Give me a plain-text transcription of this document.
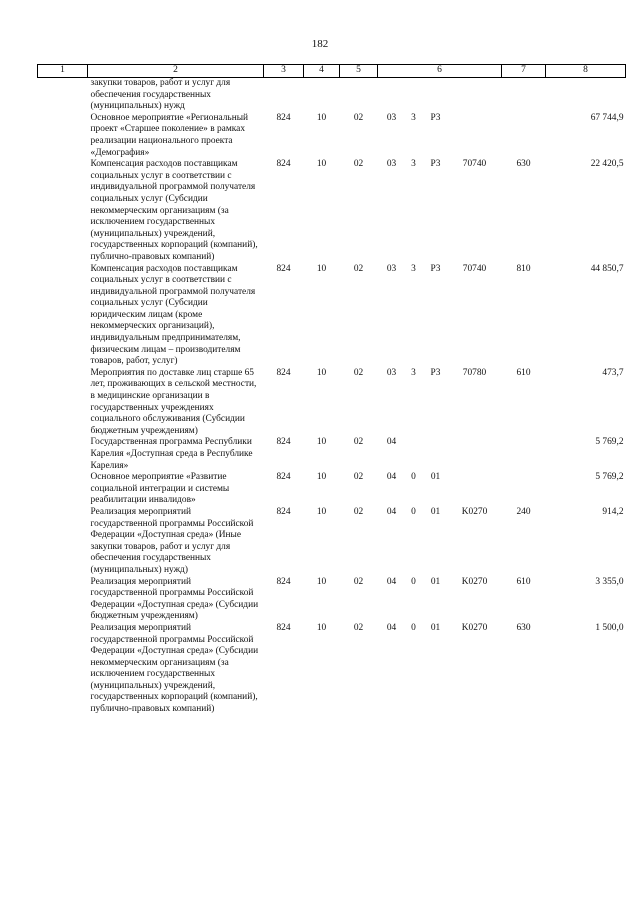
182
1	2	3	4	5	6	7	8
	закупки товаров, работ и услуг для обеспечения государственных (муниципальных) нужд						
	Основное мероприятие «Региональный проект «Старшее поколение» в рамках реализации национального проекта «Демография»	824	10	02	03 3 P3		67 744,9
	Компенсация расходов поставщикам социальных услуг в соответствии с индивидуальной программой получателя социальных услуг (Субсидии некоммерческим организациям (за исключением государственных (муниципальных) учреждений, государственных корпораций (компаний), публично-правовых компаний)	824	10	02	03 3 P3 70740	630	22 420,5
	Компенсация расходов поставщикам социальных услуг в соответствии с индивидуальной программой получателя социальных услуг (Субсидии юридическим лицам (кроме некоммерческих организаций), индивидуальным предпринимателям, физическим лицам – производителям товаров, работ, услуг)	824	10	02	03 3 P3 70740	810	44 850,7
	Мероприятия по доставке лиц старше 65 лет, проживающих в сельской местности, в медицинские организации в государственных учреждениях социального обслуживания (Субсидии бюджетным учреждениям)	824	10	02	03 3 P3 70780	610	473,7
	Государственная программа Республики Карелия «Доступная среда в Республике Карелия»	824	10	02	04		5 769,2
	Основное мероприятие «Развитие социальной интеграции и системы реабилитации инвалидов»	824	10	02	04 0 01		5 769,2
	Реализация мероприятий государственной программы Российской Федерации «Доступная среда» (Иные закупки товаров, работ и услуг для обеспечения государственных (муниципальных) нужд)	824	10	02	04 0 01 K0270	240	914,2
	Реализация мероприятий государственной программы Российской Федерации «Доступная среда» (Субсидии бюджетным учреждениям)	824	10	02	04 0 01 K0270	610	3 355,0
	Реализация мероприятий государственной программы Российской Федерации «Доступная среда» (Субсидии некоммерческим организациям (за исключением государственных (муниципальных) учреждений, государственных корпораций (компаний), публично-правовых компаний)	824	10	02	04 0 01 K0270	630	1 500,0
